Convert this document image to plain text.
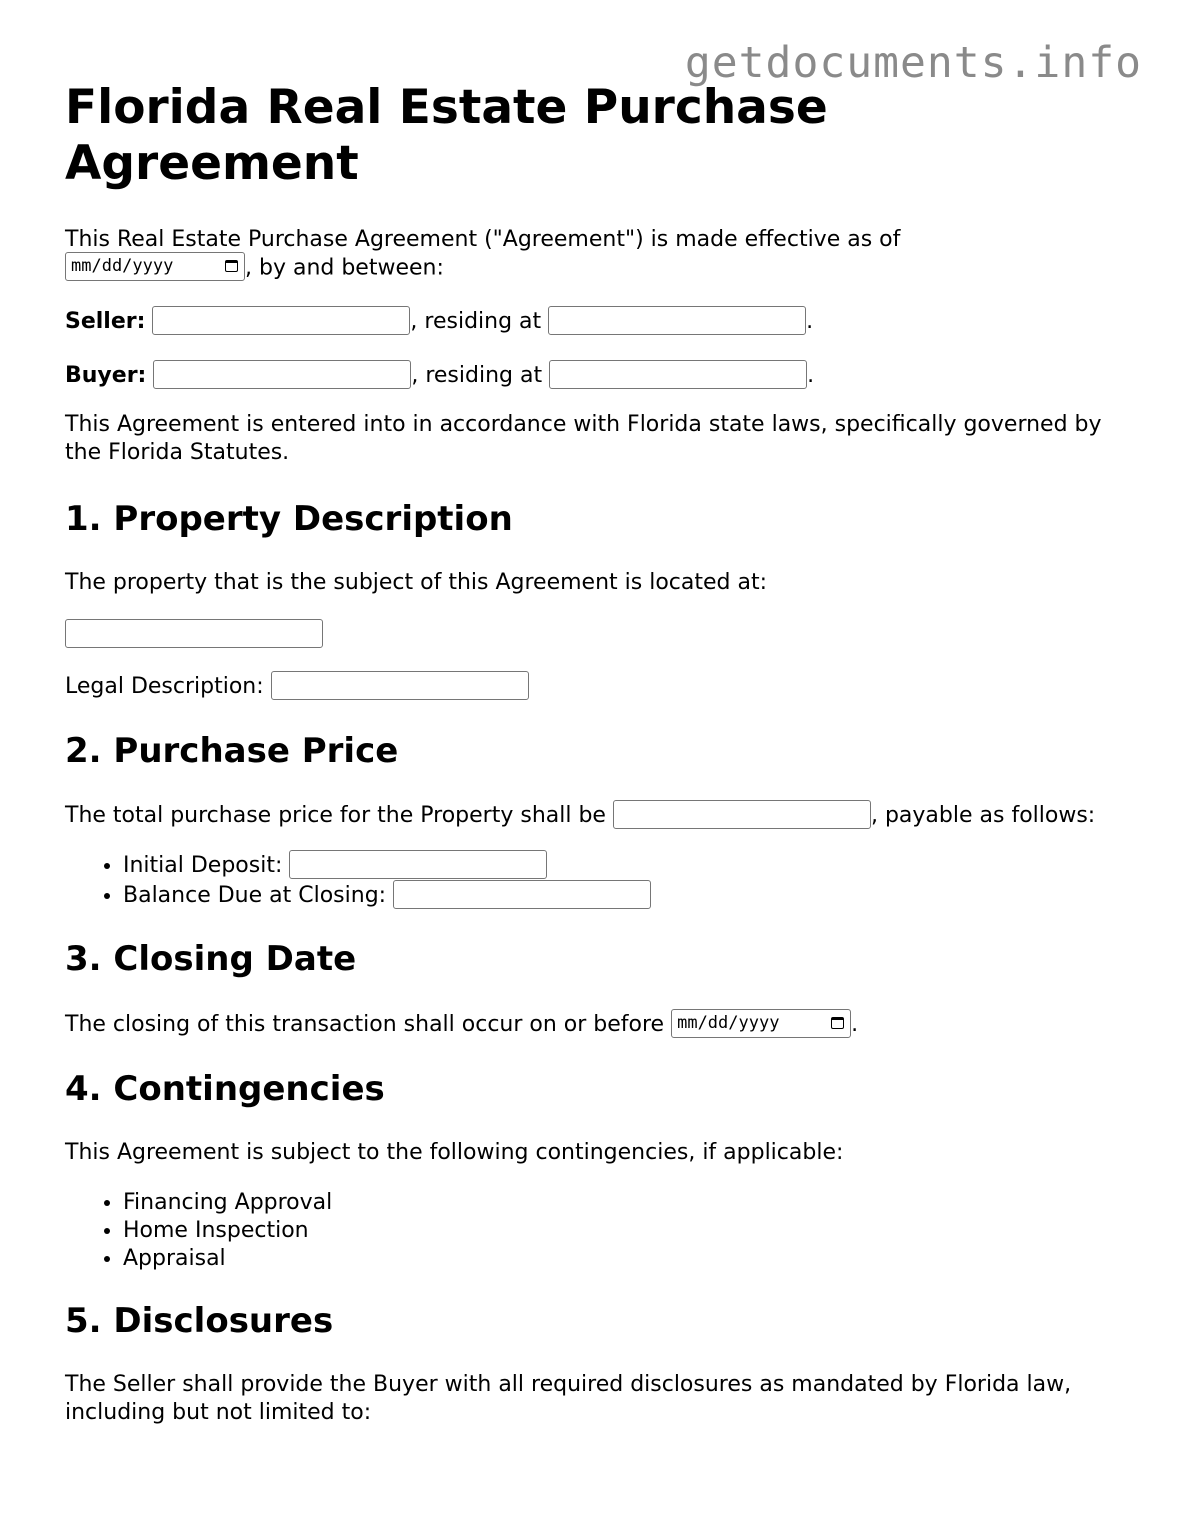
getdocuments.info
Florida Real Estate Purchase Agreement

This Real Estate Purchase Agreement ("Agreement") is made effective as of

mm/dd/yyyy	, by and between:

Seller:	, residing at	.
Buyer:	, residing at	.

This Agreement is entered into in accordance with Florida state laws, specifically governed by the Florida Statutes.

1. Property Description

The property that is the subject of this Agreement is located at:

Legal Description:
2. Purchase Price

The total purchase price for the Property shall be	, payable as follows:

• Initial Deposit:
• Balance Due at Closing:
3. Closing Date

The closing of this transaction shall occur on or before mm/dd/yyyy	.

4. Contingencies

This Agreement is subject to the following contingencies, if applicable:

• Financing Approval
• Home Inspection
• Appraisal
5. Disclosures

The Seller shall provide the Buyer with all required disclosures as mandated by Florida law, including but not limited to:
